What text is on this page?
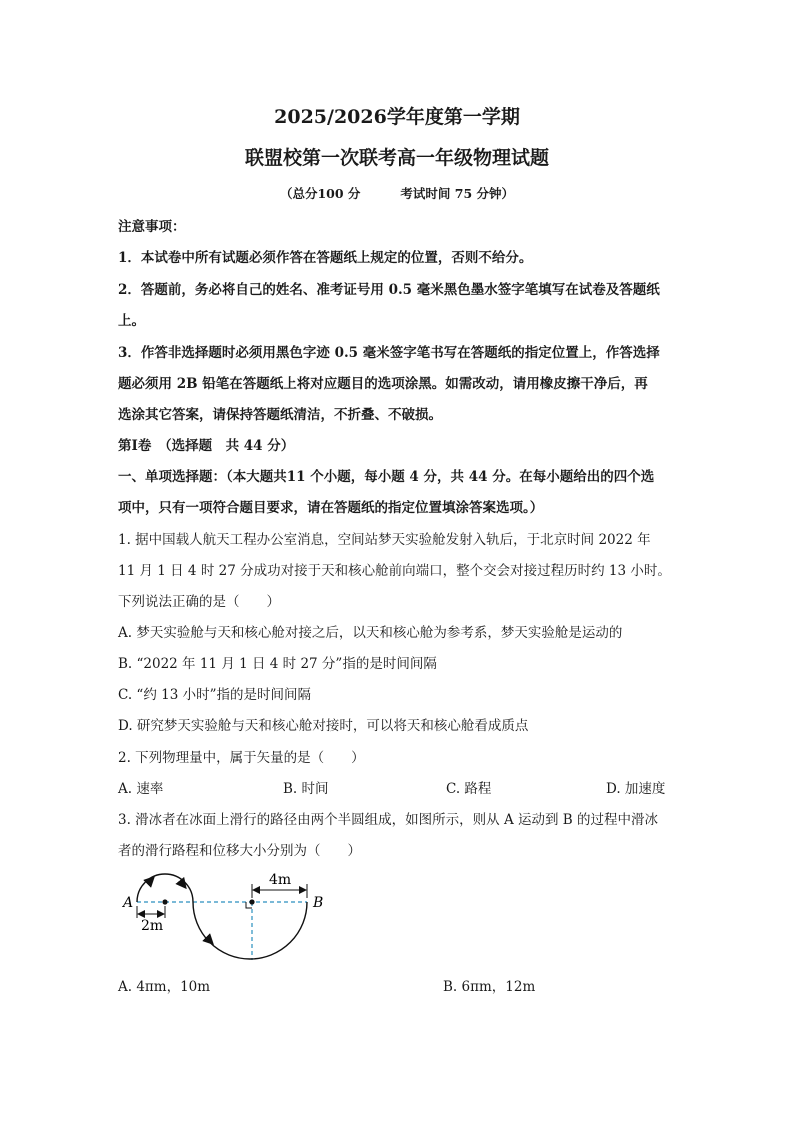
2025/2026学年度第一学期
联盟校第一次联考高一年级物理试题
（总分100 分	考试时间 75 分钟）
注意事项：
1．本试卷中所有试题必须作答在答题纸上规定的位置，否则不给分。
2．答题前，务必将自己的姓名、准考证号用 0.5 毫米黑色墨水签字笔填写在试卷及答题纸
上。
3．作答非选择题时必须用黑色字迹 0.5 毫米签字笔书写在答题纸的指定位置上，作答选择
题必须用 2B 铅笔在答题纸上将对应题目的选项涂黑。如需改动，请用橡皮擦干净后，再
选涂其它答案，请保持答题纸清洁，不折叠、不破损。
第Ⅰ卷　（选择题　共 44 分）
一、单项选择题：（本大题共11 个小题，每小题 4 分，共 44 分。在每小题给出的四个选
项中，只有一项符合题目要求，请在答题纸的指定位置填涂答案选项。）
1. 据中国载人航天工程办公室消息，空间站梦天实验舱发射入轨后，于北京时间 2022 年
11 月 1 日 4 时 27 分成功对接于天和核心舱前向端口，整个交会对接过程历时约 13 小时。
下列说法正确的是（　　）
A. 梦天实验舱与天和核心舱对接之后，以天和核心舱为参考系，梦天实验舱是运动的
B. “2022 年 11 月 1 日 4 时 27 分”指的是时间间隔
C. “约 13 小时”指的是时间间隔
D. 研究梦天实验舱与天和核心舱对接时，可以将天和核心舱看成质点
2. 下列物理量中，属于矢量的是（　　）
A. 速率	B. 时间	C. 路程	D. 加速度
3. 滑冰者在冰面上滑行的路径由两个半圆组成，如图所示，则从 A 运动到 B 的过程中滑冰
者的滑行路程和位移大小分别为（　　）
A	B
2m
4m
A. 4πm，10m	B. 6πm，12m
